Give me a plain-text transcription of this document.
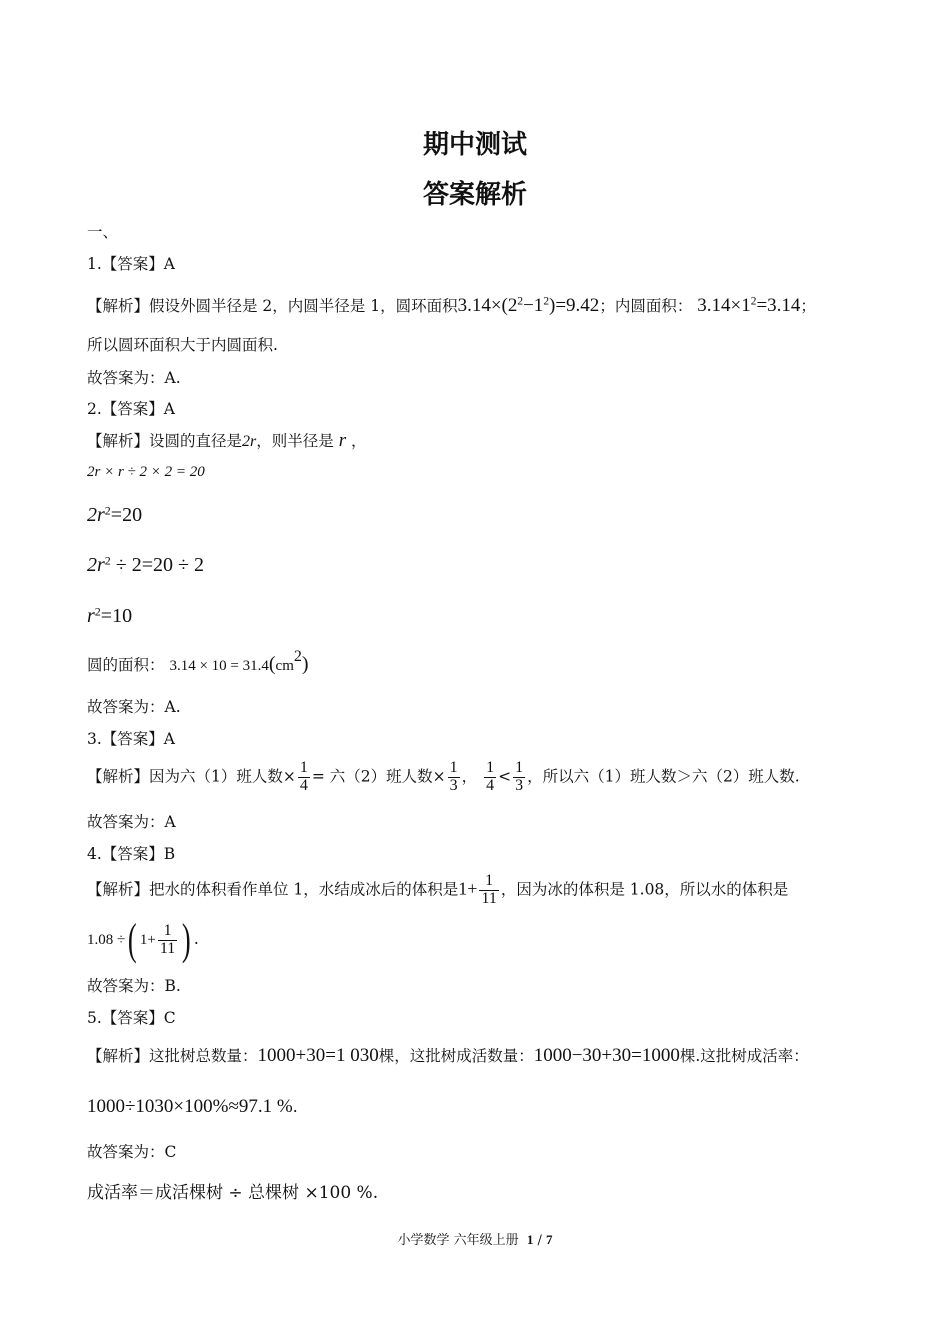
期中测试
答案解析
一、
1.【答案】A
【解析】假设外圆半径是 2，内圆半径是 1，圆环面积$3.14\times(2^2-1^2)=9.42$；内圆面积： $3.14\times 1^2=3.14$；
所以圆环面积大于内圆面积.
故答案为：A.
2.【答案】A
【解析】设圆的直径是2r，则半径是 r ，
2r × r ÷ 2 × 2 = 20
$2r^2=20$
$2r^2 \div 2=20 \div 2$
$r^2=10$
圆的面积： $3.14 \times 10 = 31.4(cm^2)$
故答案为：A.
3.【答案】A
【解析】因为六（1）班人数× $\frac{1}{4}$ = 六（2）班人数× $\frac{1}{3}$ ， $\frac{1}{4} < \frac{1}{3}$ ，所以六（1）班人数＞六（2）班人数.
故答案为：A
4.【答案】B
【解析】把水的体积看作单位 1，水结成冰后的体积是$1+ \frac{1}{11}$ ，因为冰的体积是 1.08，所以水的体积是
1.08 ÷( $1+ \frac{1}{11}$ ) .
故答案为：B.
5.【答案】C
【解析】这批树总数量：1000+30=1 030棵，这批树成活数量：1000−30+30=1000棵.这批树成活率：
1000÷1030×100%≈97.1 %.
故答案为：C
成活率＝成活棵树 ÷ 总棵树 ×100 %.
小学数学 六年级上册 1 / 7
